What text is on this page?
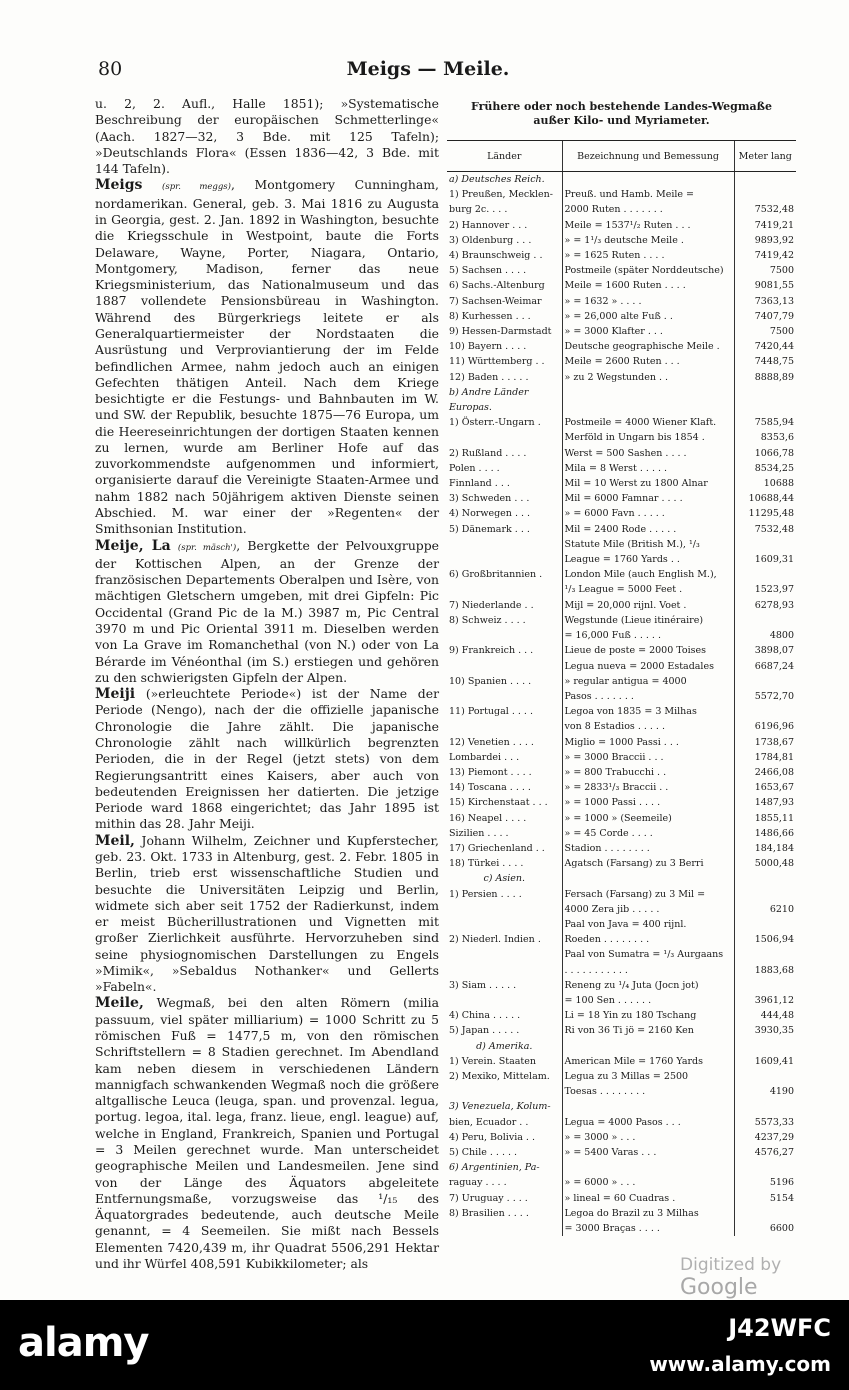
80	Meigs — Meile.

u. 2, 2. Aufl., Halle 1851); »Systematische Beschreibung der europäischen Schmetterlinge« (Aach. 1827—32, 3 Bde. mit 125 Tafeln); »Deutschlands Flora« (Essen 1836—42, 3 Bde. mit 144 Tafeln).

Meigs (spr. meggs), Montgomery Cunningham, nordamerikan. General, geb. 3. Mai 1816 zu Augusta in Georgia, gest. 2. Jan. 1892 in Washington, besuchte die Kriegsschule in Westpoint, baute die Forts Delaware, Wayne, Porter, Niagara, Ontario, Montgomery, Madison, ferner das neue Kriegsministerium, das Nationalmuseum und das 1887 vollendete Pensionsbüreau in Washington. Während des Bürgerkriegs leitete er als Generalquartiermeister der Nordstaaten die Ausrüstung und Verproviantierung der im Felde befindlichen Armee, nahm jedoch auch an einigen Gefechten thätigen Anteil. Nach dem Kriege besichtigte er die Festungs- und Bahnbauten im W. und SW. der Republik, besuchte 1875—76 Europa, um die Heereseinrichtungen der dortigen Staaten kennen zu lernen, wurde am Berliner Hofe auf das zuvorkommendste aufgenommen und informiert, organisierte darauf die Vereinigte Staaten-Armee und nahm 1882 nach 50jährigem aktiven Dienste seinen Abschied. M. war einer der »Regenten« der Smithsonian Institution.

Meije, La (spr. mäsch'), Bergkette der Pelvouxgruppe der Kottischen Alpen, an der Grenze der französischen Departements Oberalpen und Isère, von mächtigen Gletschern umgeben, mit drei Gipfeln: Pic Occidental (Grand Pic de la M.) 3987 m, Pic Central 3970 m und Pic Oriental 3911 m. Dieselben werden von La Grave im Romanchethal (von N.) oder von La Bérarde im Vénéonthal (im S.) erstiegen und gehören zu den schwierigsten Gipfeln der Alpen.

Meiji (»erleuchtete Periode«) ist der Name der Periode (Nengo), nach der die offizielle japanische Chronologie die Jahre zählt. Die japanische Chronologie zählt nach willkürlich begrenzten Perioden, die in der Regel (jetzt stets) von dem Regierungsantritt eines Kaisers, aber auch von bedeutenden Ereignissen her datierten. Die jetzige Periode ward 1868 eingerichtet; das Jahr 1895 ist mithin das 28. Jahr Meiji.

Meil, Johann Wilhelm, Zeichner und Kupferstecher, geb. 23. Okt. 1733 in Altenburg, gest. 2. Febr. 1805 in Berlin, trieb erst wissenschaftliche Studien und besuchte die Universitäten Leipzig und Berlin, widmete sich aber seit 1752 der Radierkunst, indem er meist Bücherillustrationen und Vignetten mit großer Zierlichkeit ausführte. Hervorzuheben sind seine physiognomischen Darstellungen zu Engels »Mimik«, »Sebaldus Nothanker« und Gellerts »Fabeln«.

Meile, Wegmaß, bei den alten Römern (milia passuum, viel später milliarium) = 1000 Schritt zu 5 römischen Fuß = 1477,5 m, von den römischen Schriftstellern = 8 Stadien gerechnet. Im Abendland kam neben diesem in verschiedenen Ländern mannigfach schwankenden Wegmaß noch die größere altgallische Leuca (leuga, span. und provenzal. legua, portug. legoa, ital. lega, franz. lieue, engl. league) auf, welche in England, Frankreich, Spanien und Portugal = 3 Meilen gerechnet wurde. Man unterscheidet geographische Meilen und Landesmeilen. Jene sind von der Länge des Äquators abgeleitete Entfernungsmaße, vorzugsweise das ¹/₁₅ des Äquatorgrades bedeutende, auch deutsche Meile genannt, = 4 Seemeilen. Sie mißt nach Bessels Elementen 7420,439 m, ihr Quadrat 5506,291 Hektar und ihr Würfel 408,591 Kubikkilometer; als

Frühere oder noch bestehende Landes-Wegmaße
außer Kilo- und Myriameter.
Länder	Bezeichnung und Bemessung	Meter lang
a) Deutsches Reich.		
1) Preußen, Mecklen-	Preuß. und Hamb. Meile =	
burg 2c. . . .	2000 Ruten . . . . . . .	7532,48
2) Hannover . . .	Meile = 1537¹/₂ Ruten . . .	7419,21
3) Oldenburg . . .	» = 1¹/₃ deutsche Meile .	9893,92
4) Braunschweig . .	» = 1625 Ruten . . . .	7419,42
5) Sachsen . . . .	Postmeile (später Norddeutsche)	7500
6) Sachs.-Altenburg	Meile = 1600 Ruten . . . .	9081,55
7) Sachsen-Weimar	» = 1632 » . . . .	7363,13
8) Kurhessen . . .	» = 26,000 alte Fuß . .	7407,79
9) Hessen-Darmstadt	» = 3000 Klafter . . .	7500
10) Bayern . . . .	Deutsche geographische Meile .	7420,44
11) Württemberg . .	Meile = 2600 Ruten . . .	7448,75
12) Baden . . . . .	» zu 2 Wegstunden . .	8888,89
b) Andre Länder		
Europas.		
1) Österr.-Ungarn .	Postmeile = 4000 Wiener Klaft.	7585,94
	Merföld in Ungarn bis 1854 .	8353,6
2) Rußland . . . .	Werst = 500 Sashen . . . .	1066,78
Polen . . . .	Mila = 8 Werst . . . . .	8534,25
Finnland . . .	Mil = 10 Werst zu 1800 Alnar	10688
3) Schweden . . .	Mil = 6000 Famnar . . . .	10688,44
4) Norwegen . . .	» = 6000 Favn . . . . .	11295,48
5) Dänemark . . .	Mil = 2400 Rode . . . . .	7532,48
	Statute Mile (British M.), ¹/₃	
	League = 1760 Yards . .	1609,31
6) Großbritannien .	London Mile (auch English M.),	
	¹/₃ League = 5000 Feet .	1523,97
7) Niederlande . .	Mijl = 20,000 rijnl. Voet .	6278,93
8) Schweiz . . . .	Wegstunde (Lieue itinéraire)	
	= 16,000 Fuß . . . . .	4800
9) Frankreich . . .	Lieue de poste = 2000 Toises	3898,07
	Legua nueva = 2000 Estadales	6687,24
10) Spanien . . . .	» regular antigua = 4000	
	Pasos . . . . . . .	5572,70
11) Portugal . . . .	Legoa von 1835 = 3 Milhas	
	von 8 Estadios . . . . .	6196,96
12) Venetien . . . .	Miglio = 1000 Passi . . .	1738,67
Lombardei . . .	» = 3000 Braccii . . .	1784,81
13) Piemont . . . .	» = 800 Trabucchi . .	2466,08
14) Toscana . . . .	» = 2833¹/₃ Braccii . .	1653,67
15) Kirchenstaat . . .	» = 1000 Passi . . . .	1487,93
16) Neapel . . . .	» = 1000 » (Seemeile)	1855,11
Sizilien . . . .	» = 45 Corde . . . .	1486,66
17) Griechenland . .	Stadion . . . . . . . .	184,184
18) Türkei . . . .	Agatsch (Farsang) zu 3 Berri	5000,48
c) Asien.		
1) Persien . . . .	Fersach (Farsang) zu 3 Mil =	
	4000 Zera jib . . . . .	6210
	Paal von Java = 400 rijnl.	
2) Niederl. Indien .	Roeden . . . . . . . .	1506,94
	Paal von Sumatra = ¹/₃ Aurgaans	
	. . . . . . . . . . .	1883,68
3) Siam . . . . .	Reneng zu ¹/₄ Juta (Jocn jot)	
	= 100 Sen . . . . . .	3961,12
4) China . . . . .	Li = 18 Yin zu 180 Tschang	444,48
5) Japan . . . . .	Ri von 36 Ti jö = 2160 Ken	3930,35
d) Amerika.		
1) Verein. Staaten	American Mile = 1760 Yards	1609,41
2) Mexiko, Mittelam.	Legua zu 3 Millas = 2500	
	Toesas . . . . . . . .	4190
3) Venezuela, Kolum-		
bien, Ecuador . .	Legua = 4000 Pasos . . .	5573,33
4) Peru, Bolivia . .	» = 3000 » . . .	4237,29
5) Chile . . . . .	» = 5400 Varas . . .	4576,27
6) Argentinien, Pa-		
raguay . . . .	» = 6000 » . . .	5196
7) Uruguay . . . .	» lineal = 60 Cuadras .	5154
8) Brasilien . . . .	Legoa do Brazil zu 3 Milhas	
	= 3000 Braças . . . .	6600
Digitized by Google
alamy	J42WFC
www.alamy.com
